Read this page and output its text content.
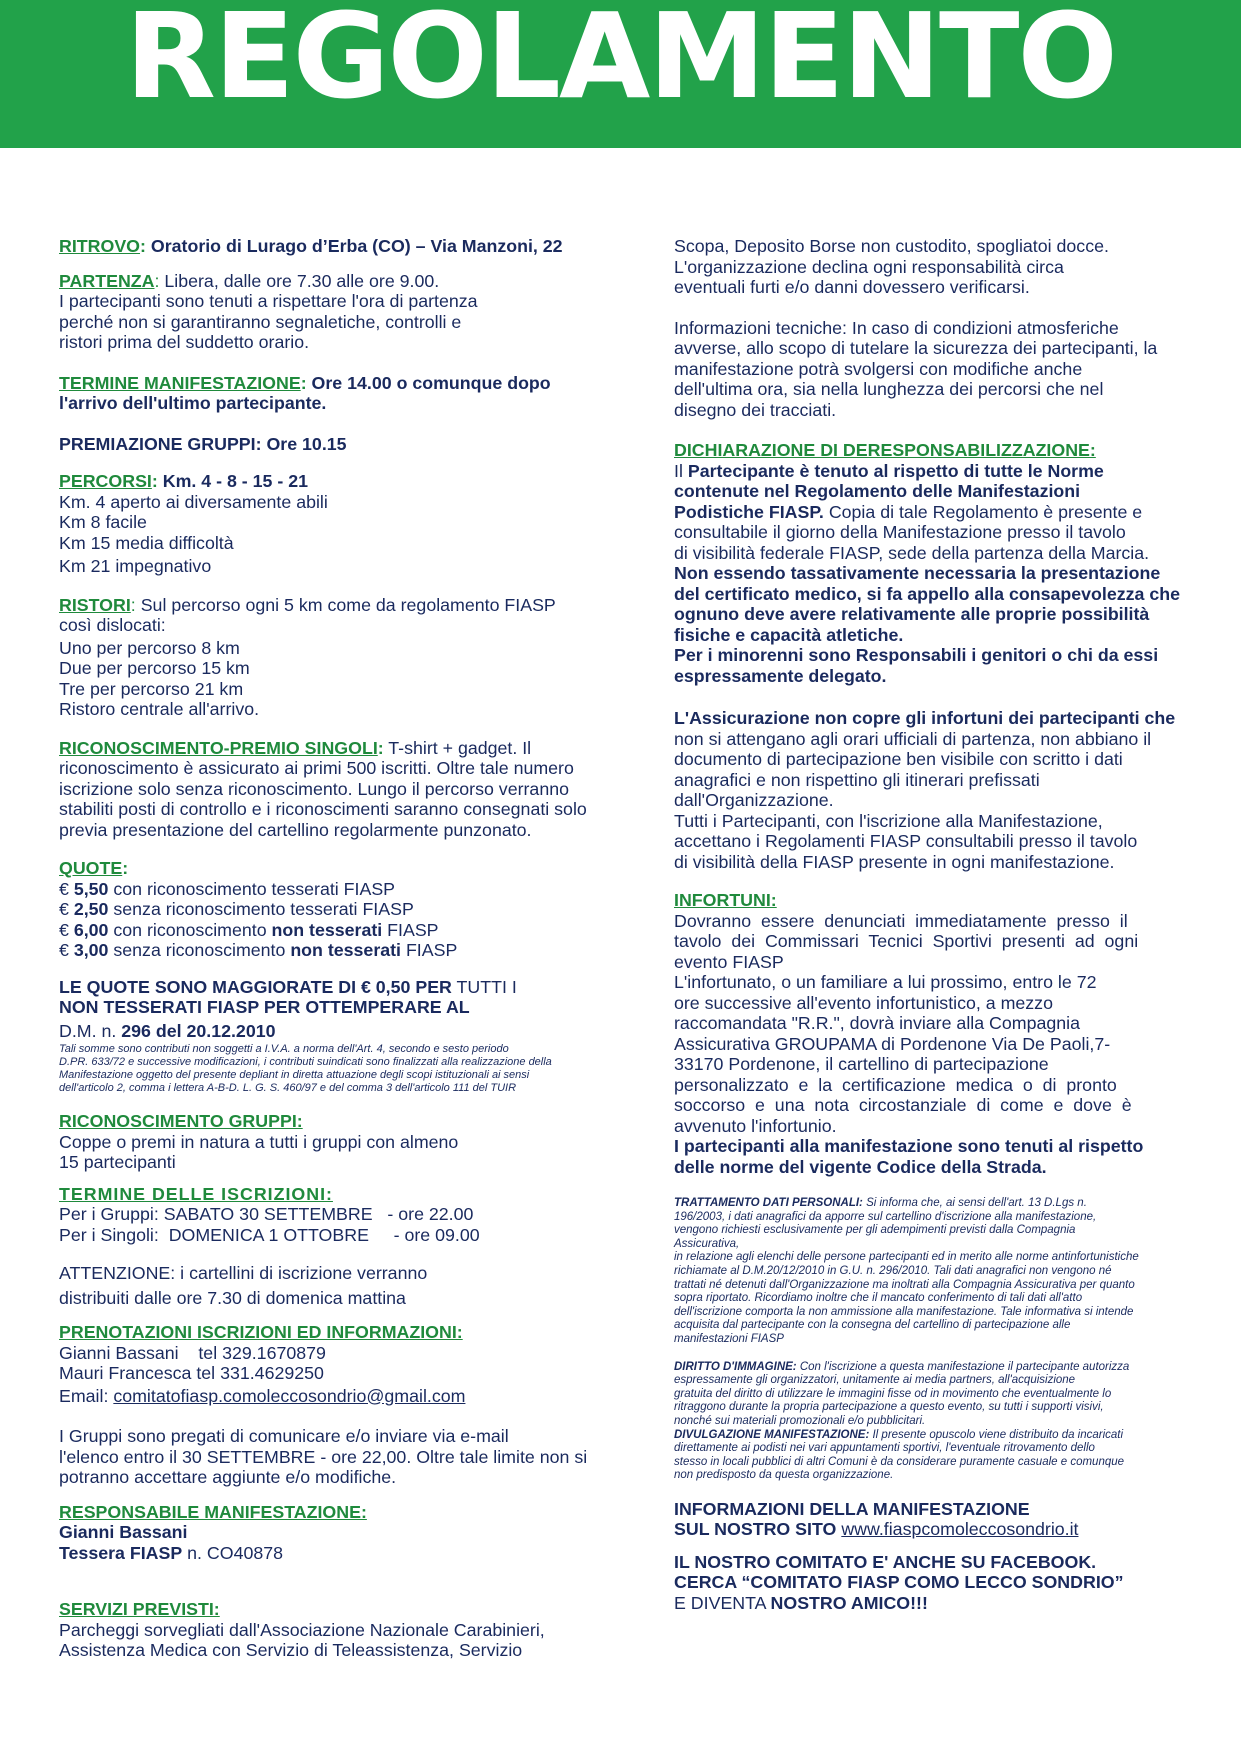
REGOLAMENTO

RITROVO: Oratorio di Lurago d’Erba (CO) – Via Manzoni, 22

PARTENZA: Libera, dalle ore 7.30 alle ore 9.00.
I partecipanti sono tenuti a rispettare l'ora di partenza
perché non si garantiranno segnaletiche, controlli e
ristori prima del suddetto orario.

TERMINE MANIFESTAZIONE: Ore 14.00 o comunque dopo
l'arrivo dell'ultimo partecipante.

PREMIAZIONE GRUPPI: Ore 10.15

PERCORSI: Km. 4 - 8 - 15 - 21
Km. 4 aperto ai diversamente abili
Km 8 facile
Km 15 media difficoltà
Km 21 impegnativo

RISTORI: Sul percorso ogni 5 km come da regolamento FIASP
così dislocati:
Uno per percorso 8 km
Due per percorso 15 km
Tre per percorso 21 km
Ristoro centrale all'arrivo.

RICONOSCIMENTO-PREMIO SINGOLI: T-shirt + gadget. Il
riconoscimento è assicurato ai primi 500 iscritti. Oltre tale numero
iscrizione solo senza riconoscimento. Lungo il percorso verranno
stabiliti posti di controllo e i riconoscimenti saranno consegnati solo
previa presentazione del cartellino regolarmente punzonato.

QUOTE:
€ 5,50 con riconoscimento tesserati FIASP
€ 2,50 senza riconoscimento tesserati FIASP
€ 6,00 con riconoscimento non tesserati FIASP
€ 3,00 senza riconoscimento non tesserati FIASP

LE QUOTE SONO MAGGIORATE DI € 0,50 PER TUTTI I
NON TESSERATI FIASP PER OTTEMPERARE AL
D.M. n. 296 del 20.12.2010

Tali somme sono contributi non soggetti a I.V.A. a norma dell'Art. 4, secondo e sesto periodo
D.PR. 633/72 e successive modificazioni, i contributi suindicati sono finalizzati alla realizzazione della
Manifestazione oggetto del presente depliant in diretta attuazione degli scopi istituzionali ai sensi
dell'articolo 2, comma i lettera A-B-D. L. G. S. 460/97 e del comma 3 dell'articolo 111 del TUIR

RICONOSCIMENTO GRUPPI:
Coppe o premi in natura a tutti i gruppi con almeno
15 partecipanti

TERMINE DELLE ISCRIZIONI:
Per i Gruppi: SABATO 30 SETTEMBRE   - ore 22.00
Per i Singoli:  DOMENICA 1 OTTOBRE     - ore 09.00

ATTENZIONE: i cartellini di iscrizione verranno
distribuiti dalle ore 7.30 di domenica mattina

PRENOTAZIONI ISCRIZIONI ED INFORMAZIONI:
Gianni Bassani    tel 329.1670879
Mauri Francesca tel 331.4629250
Email: comitatofiasp.comoleccosondrio@gmail.com

I Gruppi sono pregati di comunicare e/o inviare via e-mail
l'elenco entro il 30 SETTEMBRE - ore 22,00. Oltre tale limite non si
potranno accettare aggiunte e/o modifiche.

RESPONSABILE MANIFESTAZIONE:
Gianni Bassani
Tessera FIASP n. CO40878

SERVIZI PREVISTI:
Parcheggi sorvegliati dall'Associazione Nazionale Carabinieri,
Assistenza Medica con Servizio di Teleassistenza, Servizio

Scopa, Deposito Borse non custodito, spogliatoi docce.
L'organizzazione declina ogni responsabilità circa
eventuali furti e/o danni dovessero verificarsi.

Informazioni tecniche: In caso di condizioni atmosferiche
avverse, allo scopo di tutelare la sicurezza dei partecipanti, la
manifestazione potrà svolgersi con modifiche anche
dell'ultima ora, sia nella lunghezza dei percorsi che nel
disegno dei tracciati.

DICHIARAZIONE DI DERESPONSABILIZZAZIONE:
Il Partecipante è tenuto al rispetto di tutte le Norme
contenute nel Regolamento delle Manifestazioni
Podistiche FIASP. Copia di tale Regolamento è presente e
consultabile il giorno della Manifestazione presso il tavolo
di visibilità federale FIASP, sede della partenza della Marcia.
Non essendo tassativamente necessaria la presentazione
del certificato medico, si fa appello alla consapevolezza che
ognuno deve avere relativamente alle proprie possibilità
fisiche e capacità atletiche.
Per i minorenni sono Responsabili i genitori o chi da essi
espressamente delegato.

L'Assicurazione non copre gli infortuni dei partecipanti che
non si attengano agli orari ufficiali di partenza, non abbiano il
documento di partecipazione ben visibile con scritto i dati
anagrafici e non rispettino gli itinerari prefissati
dall'Organizzazione.
Tutti i Partecipanti, con l'iscrizione alla Manifestazione,
accettano i Regolamenti FIASP consultabili presso il tavolo
di visibilità della FIASP presente in ogni manifestazione.

INFORTUNI:
Dovranno  essere  denunciati  immediatamente  presso  il
tavolo  dei  Commissari  Tecnici  Sportivi  presenti  ad  ogni
evento FIASP
L'infortunato, o un familiare a lui prossimo, entro le 72
ore successive all'evento infortunistico, a mezzo
raccomandata "R.R.", dovrà inviare alla Compagnia
Assicurativa GROUPAMA di Pordenone Via De Paoli,7-
33170 Pordenone, il cartellino di partecipazione
personalizzato  e  la  certificazione  medica  o  di  pronto
soccorso  e  una  nota  circostanziale  di  come  e  dove  è
avvenuto l'infortunio.
I partecipanti alla manifestazione sono tenuti al rispetto
delle norme del vigente Codice della Strada.

TRATTAMENTO DATI PERSONALI: Si informa che, ai sensi dell'art. 13 D.Lgs n.
196/2003, i dati anagrafici da apporre sul cartellino d'iscrizione alla manifestazione,
vengono richiesti esclusivamente per gli adempimenti previsti dalla Compagnia
Assicurativa,
in relazione agli elenchi delle persone partecipanti ed in merito alle norme antinfortunistiche
richiamate al D.M.20/12/2010 in G.U. n. 296/2010. Tali dati anagrafici non vengono né
trattati né detenuti dall'Organizzazione ma inoltrati alla Compagnia Assicurativa per quanto
sopra riportato. Ricordiamo inoltre che il mancato conferimento di tali dati all'atto
dell'iscrizione comporta la non ammissione alla manifestazione. Tale informativa si intende
acquisita dal partecipante con la consegna del cartellino di partecipazione alle
manifestazioni FIASP

DIRITTO D'IMMAGINE: Con l'iscrizione a questa manifestazione il partecipante autorizza
espressamente gli organizzatori, unitamente ai media partners, all'acquisizione
gratuita del diritto di utilizzare le immagini fisse od in movimento che eventualmente lo
ritraggono durante la propria partecipazione a questo evento, su tutti i supporti visivi,
nonché sui materiali promozionali e/o pubblicitari.
DIVULGAZIONE MANIFESTAZIONE: Il presente opuscolo viene distribuito da incaricati
direttamente ai podisti nei vari appuntamenti sportivi, l'eventuale ritrovamento dello
stesso in locali pubblici di altri Comuni è da considerare puramente casuale e comunque
non predisposto da questa organizzazione.

INFORMAZIONI DELLA MANIFESTAZIONE
SUL NOSTRO SITO www.fiaspcomoleccosondrio.it

IL NOSTRO COMITATO E' ANCHE SU FACEBOOK.
CERCA “COMITATO FIASP COMO LECCO SONDRIO”
E DIVENTA NOSTRO AMICO!!!
